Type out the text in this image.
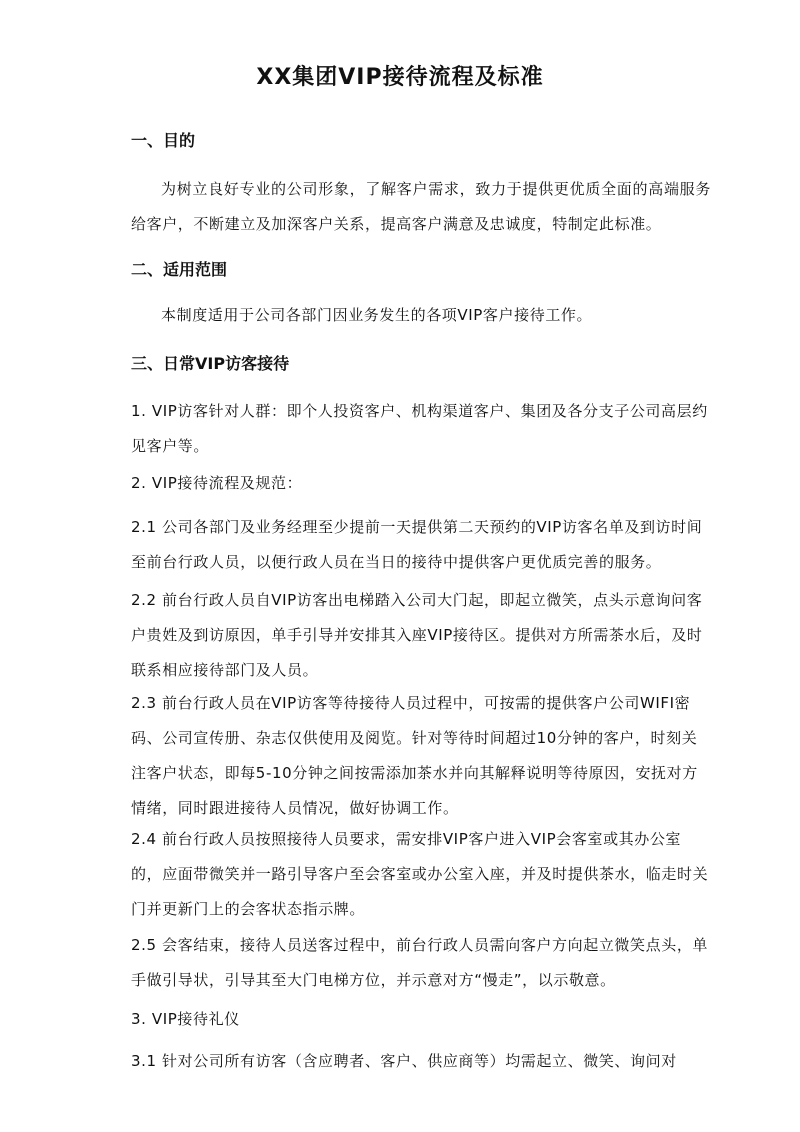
XX集团VIP接待流程及标准
一、目的
为树立良好专业的公司形象，了解客户需求，致力于提供更优质全面的高端服务给客户，不断建立及加深客户关系，提高客户满意及忠诚度，特制定此标准。
二、适用范围
本制度适用于公司各部门因业务发生的各项VIP客户接待工作。
三、日常VIP访客接待
1. VIP访客针对人群：即个人投资客户、机构渠道客户、集团及各分支子公司高层约见客户等。
2. VIP接待流程及规范：
2.1 公司各部门及业务经理至少提前一天提供第二天预约的VIP访客名单及到访时间至前台行政人员，以便行政人员在当日的接待中提供客户更优质完善的服务。
2.2 前台行政人员自VIP访客出电梯踏入公司大门起，即起立微笑，点头示意询问客户贵姓及到访原因，单手引导并安排其入座VIP接待区。提供对方所需茶水后，及时联系相应接待部门及人员。
2.3 前台行政人员在VIP访客等待接待人员过程中，可按需的提供客户公司WIFI密码、公司宣传册、杂志仅供使用及阅览。针对等待时间超过10分钟的客户，时刻关注客户状态，即每5-10分钟之间按需添加茶水并向其解释说明等待原因，安抚对方情绪，同时跟进接待人员情况，做好协调工作。
2.4 前台行政人员按照接待人员要求，需安排VIP客户进入VIP会客室或其办公室的，应面带微笑并一路引导客户至会客室或办公室入座，并及时提供茶水，临走时关门并更新门上的会客状态指示牌。
2.5 会客结束，接待人员送客过程中，前台行政人员需向客户方向起立微笑点头，单手做引导状，引导其至大门电梯方位，并示意对方“慢走”，以示敬意。
3. VIP接待礼仪
3.1 针对公司所有访客（含应聘者、客户、供应商等）均需起立、微笑、询问对
